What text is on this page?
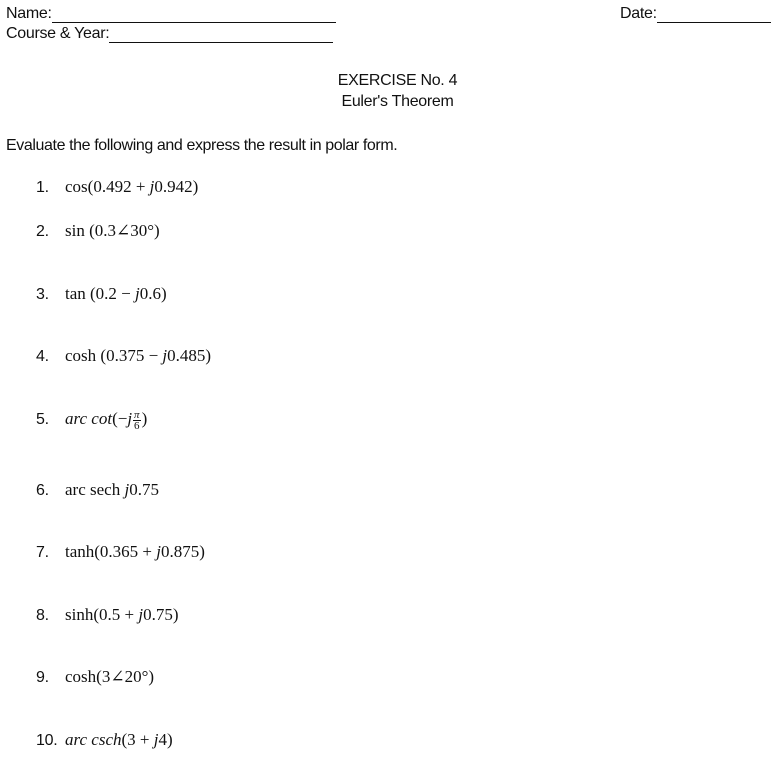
Name:
Course & Year:
Date:
EXERCISE No. 4
Euler's Theorem
Evaluate the following and express the result in polar form.
1. cos(0.492 + j0.942)
2. sin (0.3∠30°)
3. tan (0.2 − j0.6)
4. cosh (0.375 − j0.485)
5. arc $\cot(-j \frac{\pi}{6}$ )
6. arc sech j0.75
7. tanh(0.365 + j0.875)
8. sinh(0.5 + j0.75)
9. cosh(3∠20°)
10. arc csch(3 + j4)
